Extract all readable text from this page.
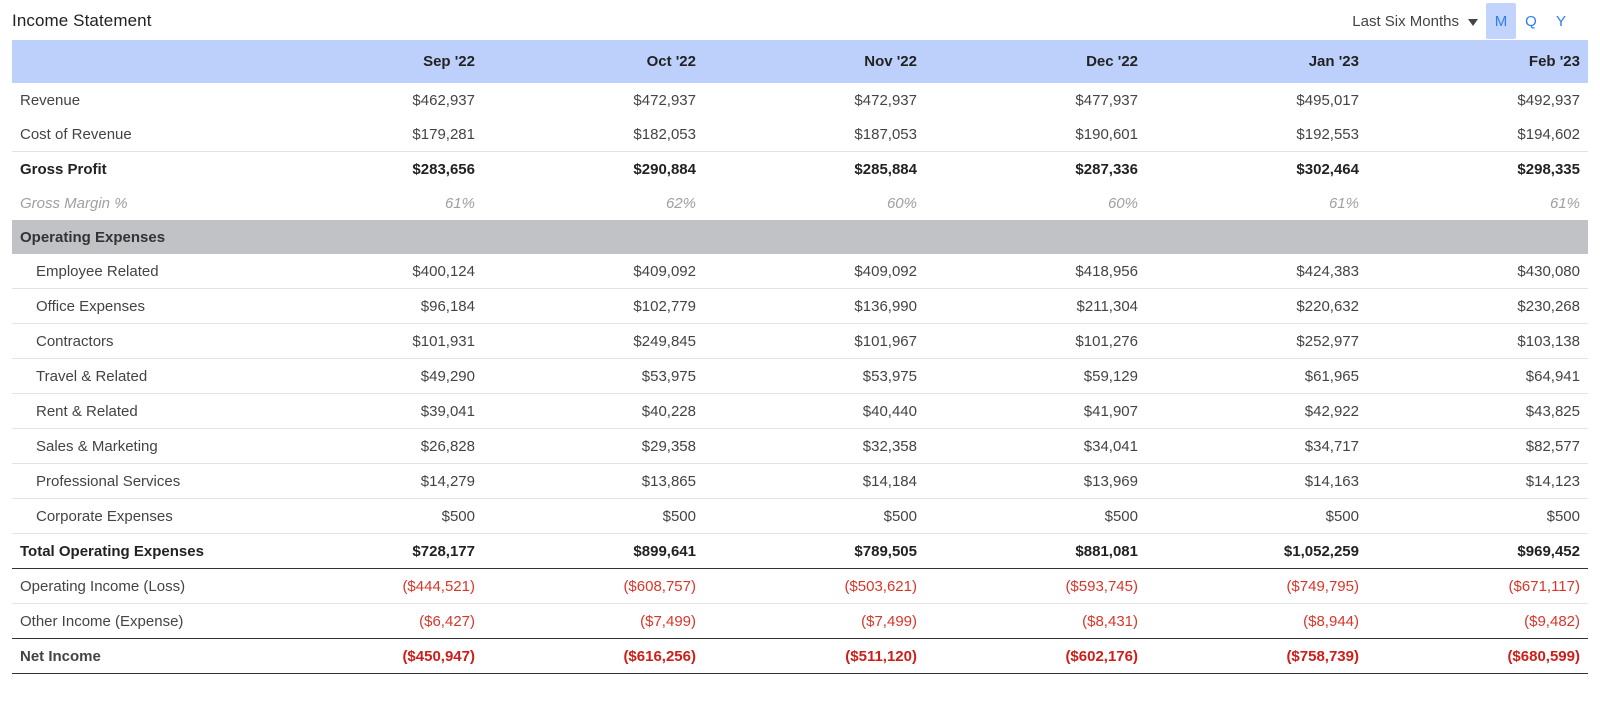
Income Statement	Last Six Months	M	Q	Y
	Sep '22	Oct '22	Nov '22	Dec '22	Jan '23	Feb '23
Revenue	$462,937	$472,937	$472,937	$477,937	$495,017	$492,937
Cost of Revenue	$179,281	$182,053	$187,053	$190,601	$192,553	$194,602
Gross Profit	$283,656	$290,884	$285,884	$287,336	$302,464	$298,335
Gross Margin %	61%	62%	60%	60%	61%	61%
Operating Expenses						
Employee Related	$400,124	$409,092	$409,092	$418,956	$424,383	$430,080
Office Expenses	$96,184	$102,779	$136,990	$211,304	$220,632	$230,268
Contractors	$101,931	$249,845	$101,967	$101,276	$252,977	$103,138
Travel & Related	$49,290	$53,975	$53,975	$59,129	$61,965	$64,941
Rent & Related	$39,041	$40,228	$40,440	$41,907	$42,922	$43,825
Sales & Marketing	$26,828	$29,358	$32,358	$34,041	$34,717	$82,577
Professional Services	$14,279	$13,865	$14,184	$13,969	$14,163	$14,123
Corporate Expenses	$500	$500	$500	$500	$500	$500
Total Operating Expenses	$728,177	$899,641	$789,505	$881,081	$1,052,259	$969,452
Operating Income (Loss)	($444,521)	($608,757)	($503,621)	($593,745)	($749,795)	($671,117)
Other Income (Expense)	($6,427)	($7,499)	($7,499)	($8,431)	($8,944)	($9,482)
Net Income	($450,947)	($616,256)	($511,120)	($602,176)	($758,739)	($680,599)
